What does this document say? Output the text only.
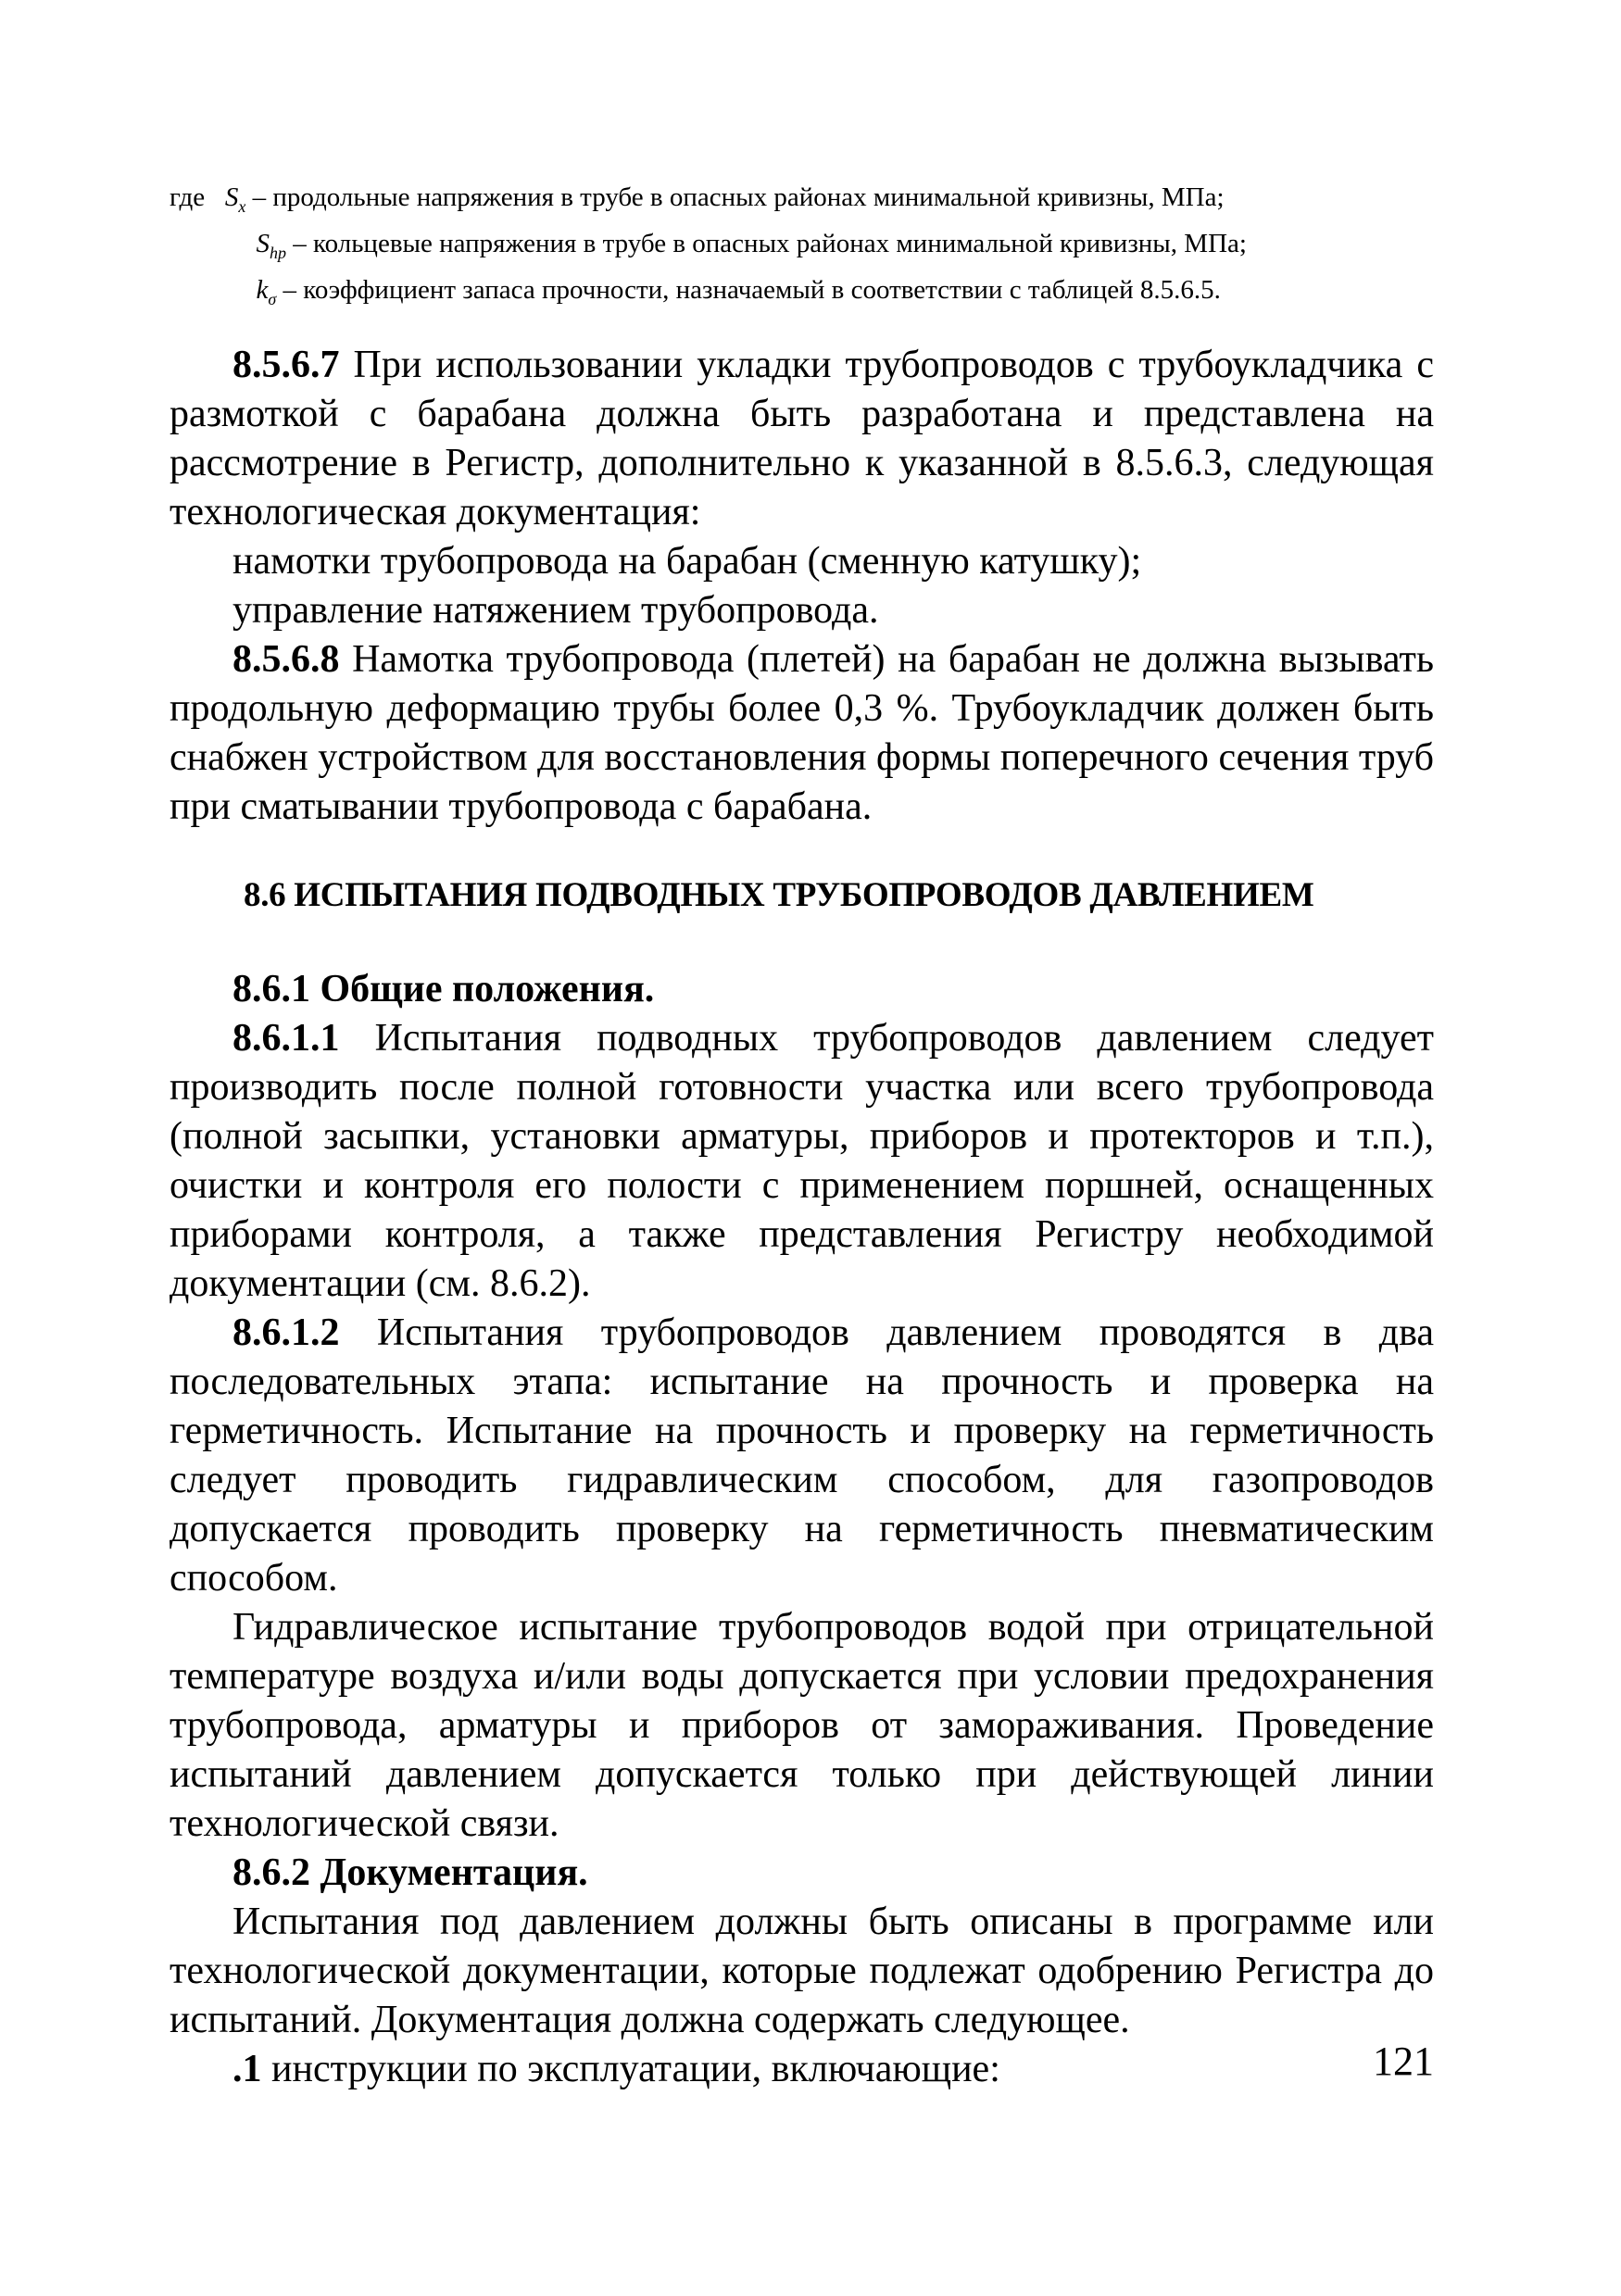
где $S_x$ – продольные напряжения в трубе в опасных районах минимальной кривизны, МПа;
$S_{hp}$ – кольцевые напряжения в трубе в опасных районах минимальной кривизны, МПа;
$k_\sigma$ – коэффициент запаса прочности, назначаемый в соответствии с таблицей 8.5.6.5.

8.5.6.7 При использовании укладки трубопроводов с трубоукладчика с размоткой с барабана должна быть разработана и представлена на рассмотрение в Регистр, дополнительно к указанной в 8.5.6.3, следующая технологическая документация:

намотки трубопровода на барабан (сменную катушку);

управление натяжением трубопровода.

8.5.6.8 Намотка трубопровода (плетей) на барабан не должна вызывать продольную деформацию трубы более 0,3 %. Трубоукладчик должен быть снабжен устройством для восстановления формы поперечного сечения труб при сматывании трубопровода с барабана.

8.6 ИСПЫТАНИЯ ПОДВОДНЫХ ТРУБОПРОВОДОВ ДАВЛЕНИЕМ

8.6.1 Общие положения.

8.6.1.1 Испытания подводных трубопроводов давлением следует производить после полной готовности участка или всего трубопровода (полной засыпки, установки арматуры, приборов и протекторов и т.п.), очистки и контроля его полости с применением поршней, оснащенных приборами контроля, а также представления Регистру необходимой документации (см. 8.6.2).

8.6.1.2 Испытания трубопроводов давлением проводятся в два последовательных этапа: испытание на прочность и проверка на герметичность. Испытание на прочность и проверку на герметичность следует проводить гидравлическим способом, для газопроводов допускается проводить проверку на герметичность пневматическим способом.

Гидравлическое испытание трубопроводов водой при отрицательной температуре воздуха и/или воды допускается при условии предохранения трубопровода, арматуры и приборов от замораживания. Проведение испытаний давлением допускается только при действующей линии технологической связи.

8.6.2 Документация.

Испытания под давлением должны быть описаны в программе или технологической документации, которые подлежат одобрению Регистра до испытаний. Документация должна содержать следующее.

.1 инструкции по эксплуатации, включающие:	121
